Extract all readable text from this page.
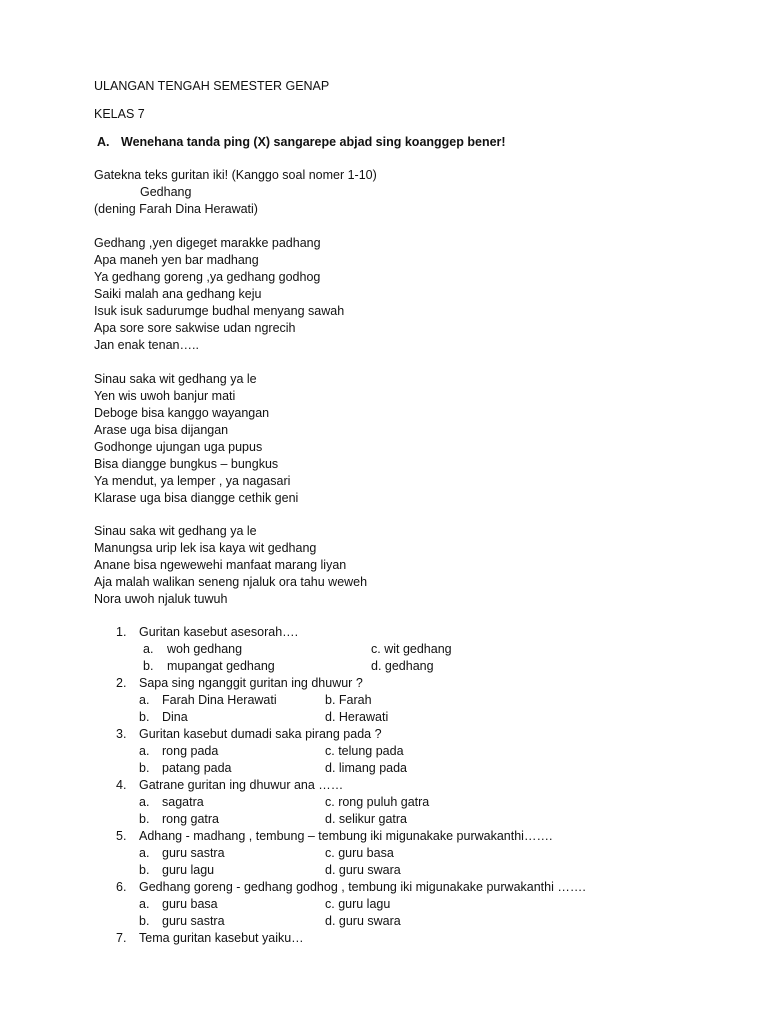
ULANGAN TENGAH SEMESTER GENAP
KELAS 7
A. Wenehana tanda ping (X) sangarepe abjad sing koanggep bener!
Gatekna teks guritan iki! (Kanggo soal nomer 1-10)
Gedhang
(dening Farah Dina Herawati)
Gedhang ,yen digeget marakke padhang
Apa maneh yen bar madhang
Ya gedhang goreng ,ya gedhang godhog
Saiki malah ana gedhang keju
Isuk isuk sadurumge budhal menyang sawah
Apa sore sore sakwise udan ngrecih
Jan enak tenan…..
Sinau saka wit gedhang ya le
Yen wis uwoh banjur mati
Deboge bisa kanggo wayangan
Arase uga bisa dijangan
Godhonge ujungan uga pupus
Bisa diangge bungkus – bungkus
Ya mendut, ya lemper , ya nagasari
Klarase uga bisa diangge cethik geni
Sinau saka wit gedhang ya le
Manungsa urip lek isa kaya wit gedhang
Anane bisa ngewewehi manfaat marang liyan
Aja malah walikan seneng njaluk ora tahu weweh
Nora uwoh njaluk tuwuh
1. Guritan kasebut asesorah….
a. woh gedhang	c. wit gedhang
b. mupangat gedhang	d. gedhang
2. Sapa sing nganggit guritan ing dhuwur ?
a. Farah Dina Herawati	b. Farah
b. Dina	d. Herawati
3. Guritan kasebut dumadi saka pirang pada ?
a. rong pada	c. telung pada
b. patang pada	d. limang pada
4. Gatrane guritan ing dhuwur ana ……
a. sagatra	c. rong puluh gatra
b. rong gatra	d. selikur gatra
5. Adhang - madhang , tembung – tembung iki migunakake purwakanthi…….
a. guru sastra	c. guru basa
b. guru lagu	d. guru swara
6. Gedhang goreng - gedhang godhog , tembung iki migunakake purwakanthi …….
a. guru basa	c. guru lagu
b. guru sastra	d. guru swara
7. Tema guritan kasebut yaiku…
